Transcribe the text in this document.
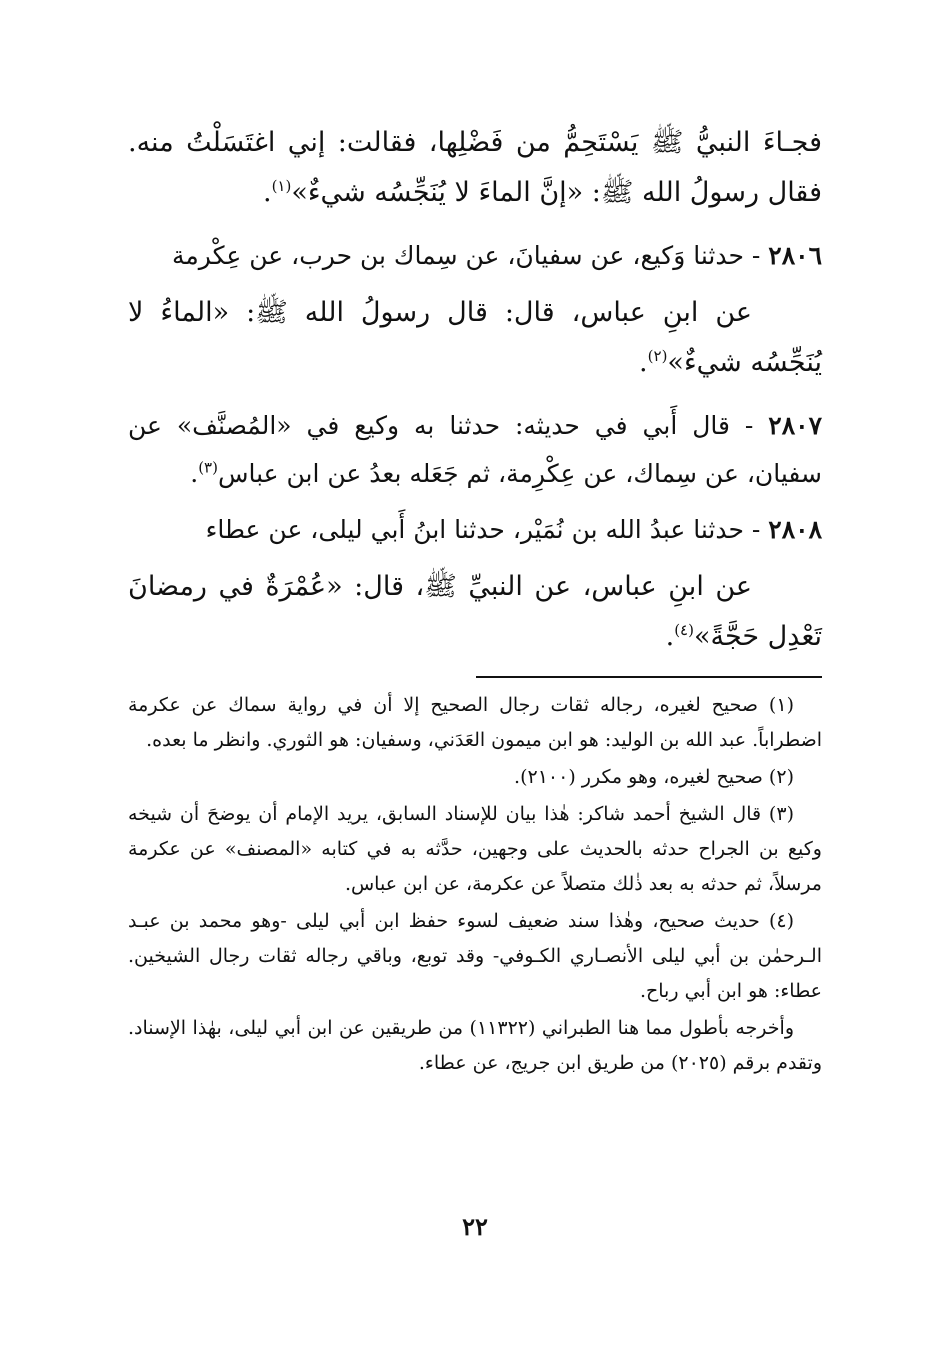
فجـاءَ النبيُّ ﷺ يَسْتَحِمُّ من فَضْلِها، فقالت: إني اغتَسَلْتُ منه. فقال رسولُ الله ﷺ: «إنَّ الماءَ لا يُنَجِّسُه شيءٌ»$^{(١)}$.

٢٨٠٦ - حدثنا وَكيع، عن سفيانَ، عن سِماك بن حرب، عن عِكْرمة

عن ابنِ عباس، قال: قال رسولُ الله ﷺ: «الماءُ لا يُنَجِّسُه شيءٌ»$^{(٢)}$.

٢٨٠٧ - قال أَبي في حديثه: حدثنا به وكيع في «المُصنَّف» عن سفيان، عن سِماك، عن عِكْرِمة، ثم جَعَله بعدُ عن ابن عباس$^{(٣)}$.

٢٨٠٨ - حدثنا عبدُ الله بن نُمَيْر، حدثنا ابنُ أَبي ليلى، عن عطاء

عن ابنِ عباس، عن النبيِّ ﷺ، قال: «عُمْرَةٌ في رمضانَ تَعْدِل حَجَّةً»$^{(٤)}$.

(١) صحيح لغيره، رجاله ثقات رجال الصحيح إلا أن في رواية سماك عن عكرمة اضطراباً. عبد الله بن الوليد: هو ابن ميمون العَدَني، وسفيان: هو الثوري. وانظر ما بعده.

(٢) صحيح لغيره، وهو مكرر (٢١٠٠).

(٣) قال الشيخ أحمد شاكر: هٰذا بيان للإسناد السابق، يريد الإمام أن يوضحَ أن شيخه وكيع بن الجراح حدثه بالحديث على وجهين، حدَّثه به في كتابه «المصنف» عن عكرمة مرسلاً، ثم حدثه به بعد ذٰلك متصلاً عن عكرمة، عن ابن عباس.

(٤) حديث صحيح، وهٰذا سند ضعيف لسوء حفظ ابن أبي ليلى -وهو محمد بن عبـد الـرحمٰن بن أبي ليلى الأنصـاري الكـوفي- وقد توبع، وباقي رجاله ثقات رجال الشيخين. عطاء: هو ابن أبي رباح.

وأخرجه بأطول مما هنا الطبراني (١١٣٢٢) من طريقين عن ابن أبي ليلى، بهٰذا الإسناد. وتقدم برقم (٢٠٢٥) من طريق ابن جريج، عن عطاء.

٢٢
